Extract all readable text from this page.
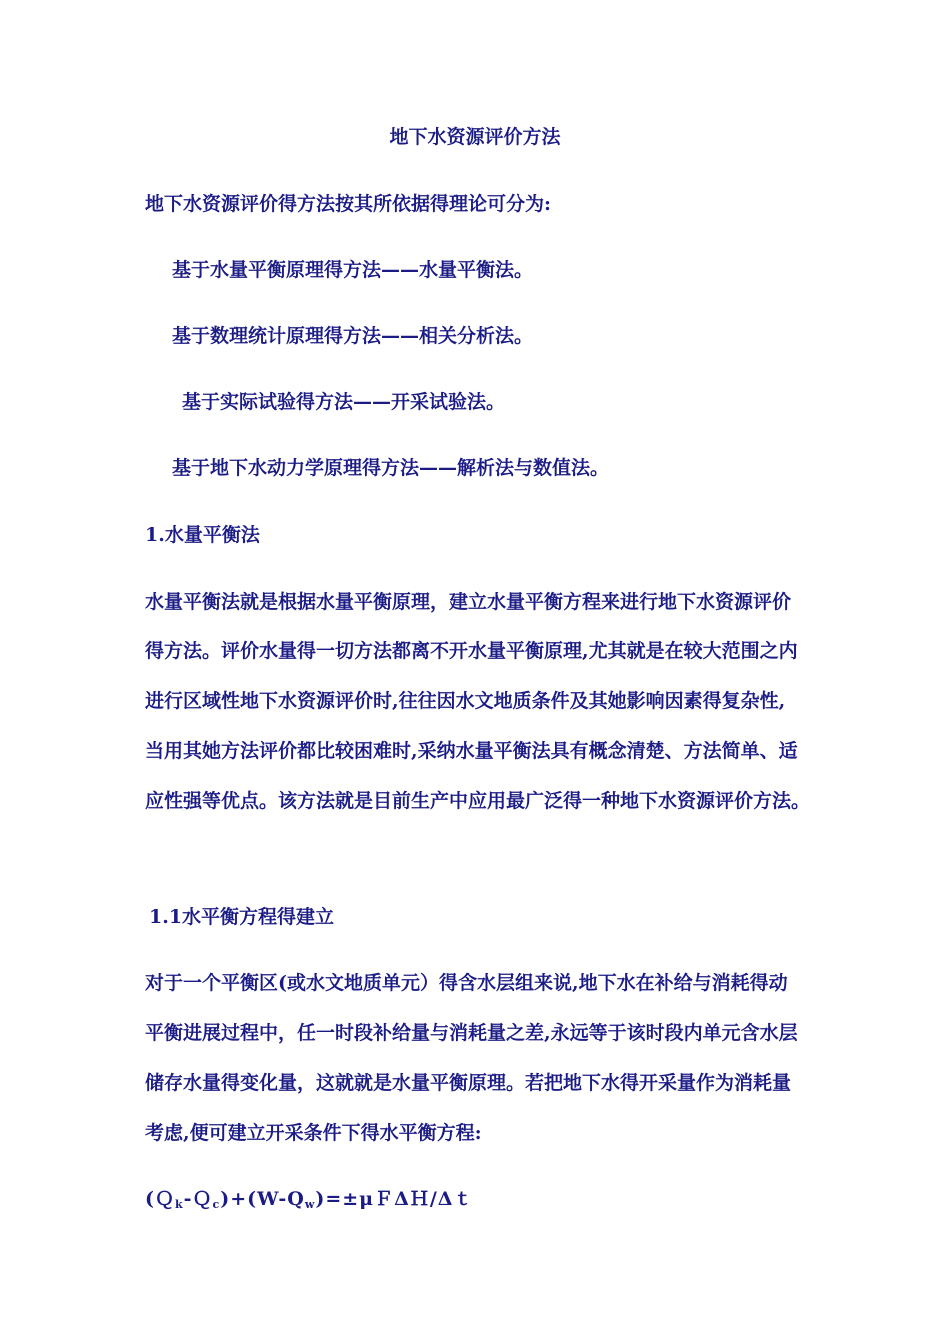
地下水资源评价方法
地下水资源评价得方法按其所依据得理论可分为:
基于水量平衡原理得方法——水量平衡法。
基于数理统计原理得方法——相关分析法。
基于实际试验得方法——开采试验法。
基于地下水动力学原理得方法——解析法与数值法。
1.水量平衡法
水量平衡法就是根据水量平衡原理，建立水量平衡方程来进行地下水资源评价
得方法。评价水量得一切方法都离不开水量平衡原理,尤其就是在较大范围之内
进行区域性地下水资源评价时,往往因水文地质条件及其她影响因素得复杂性,
当用其她方法评价都比较困难时,采纳水量平衡法具有概念清楚、方法简单、适
应性强等优点。该方法就是目前生产中应用最广泛得一种地下水资源评价方法。
1.1水平衡方程得建立
对于一个平衡区(或水文地质单元）得含水层组来说,地下水在补给与消耗得动
平衡进展过程中，任一时段补给量与消耗量之差,永远等于该时段内单元含水层
储存水量得变化量，这就就是水量平衡原理。若把地下水得开采量作为消耗量
考虑,便可建立开采条件下得水平衡方程:
$(Q_k-Q_c)+(W-Q_w)=\pm\mu F\Delta H/\Delta t$
